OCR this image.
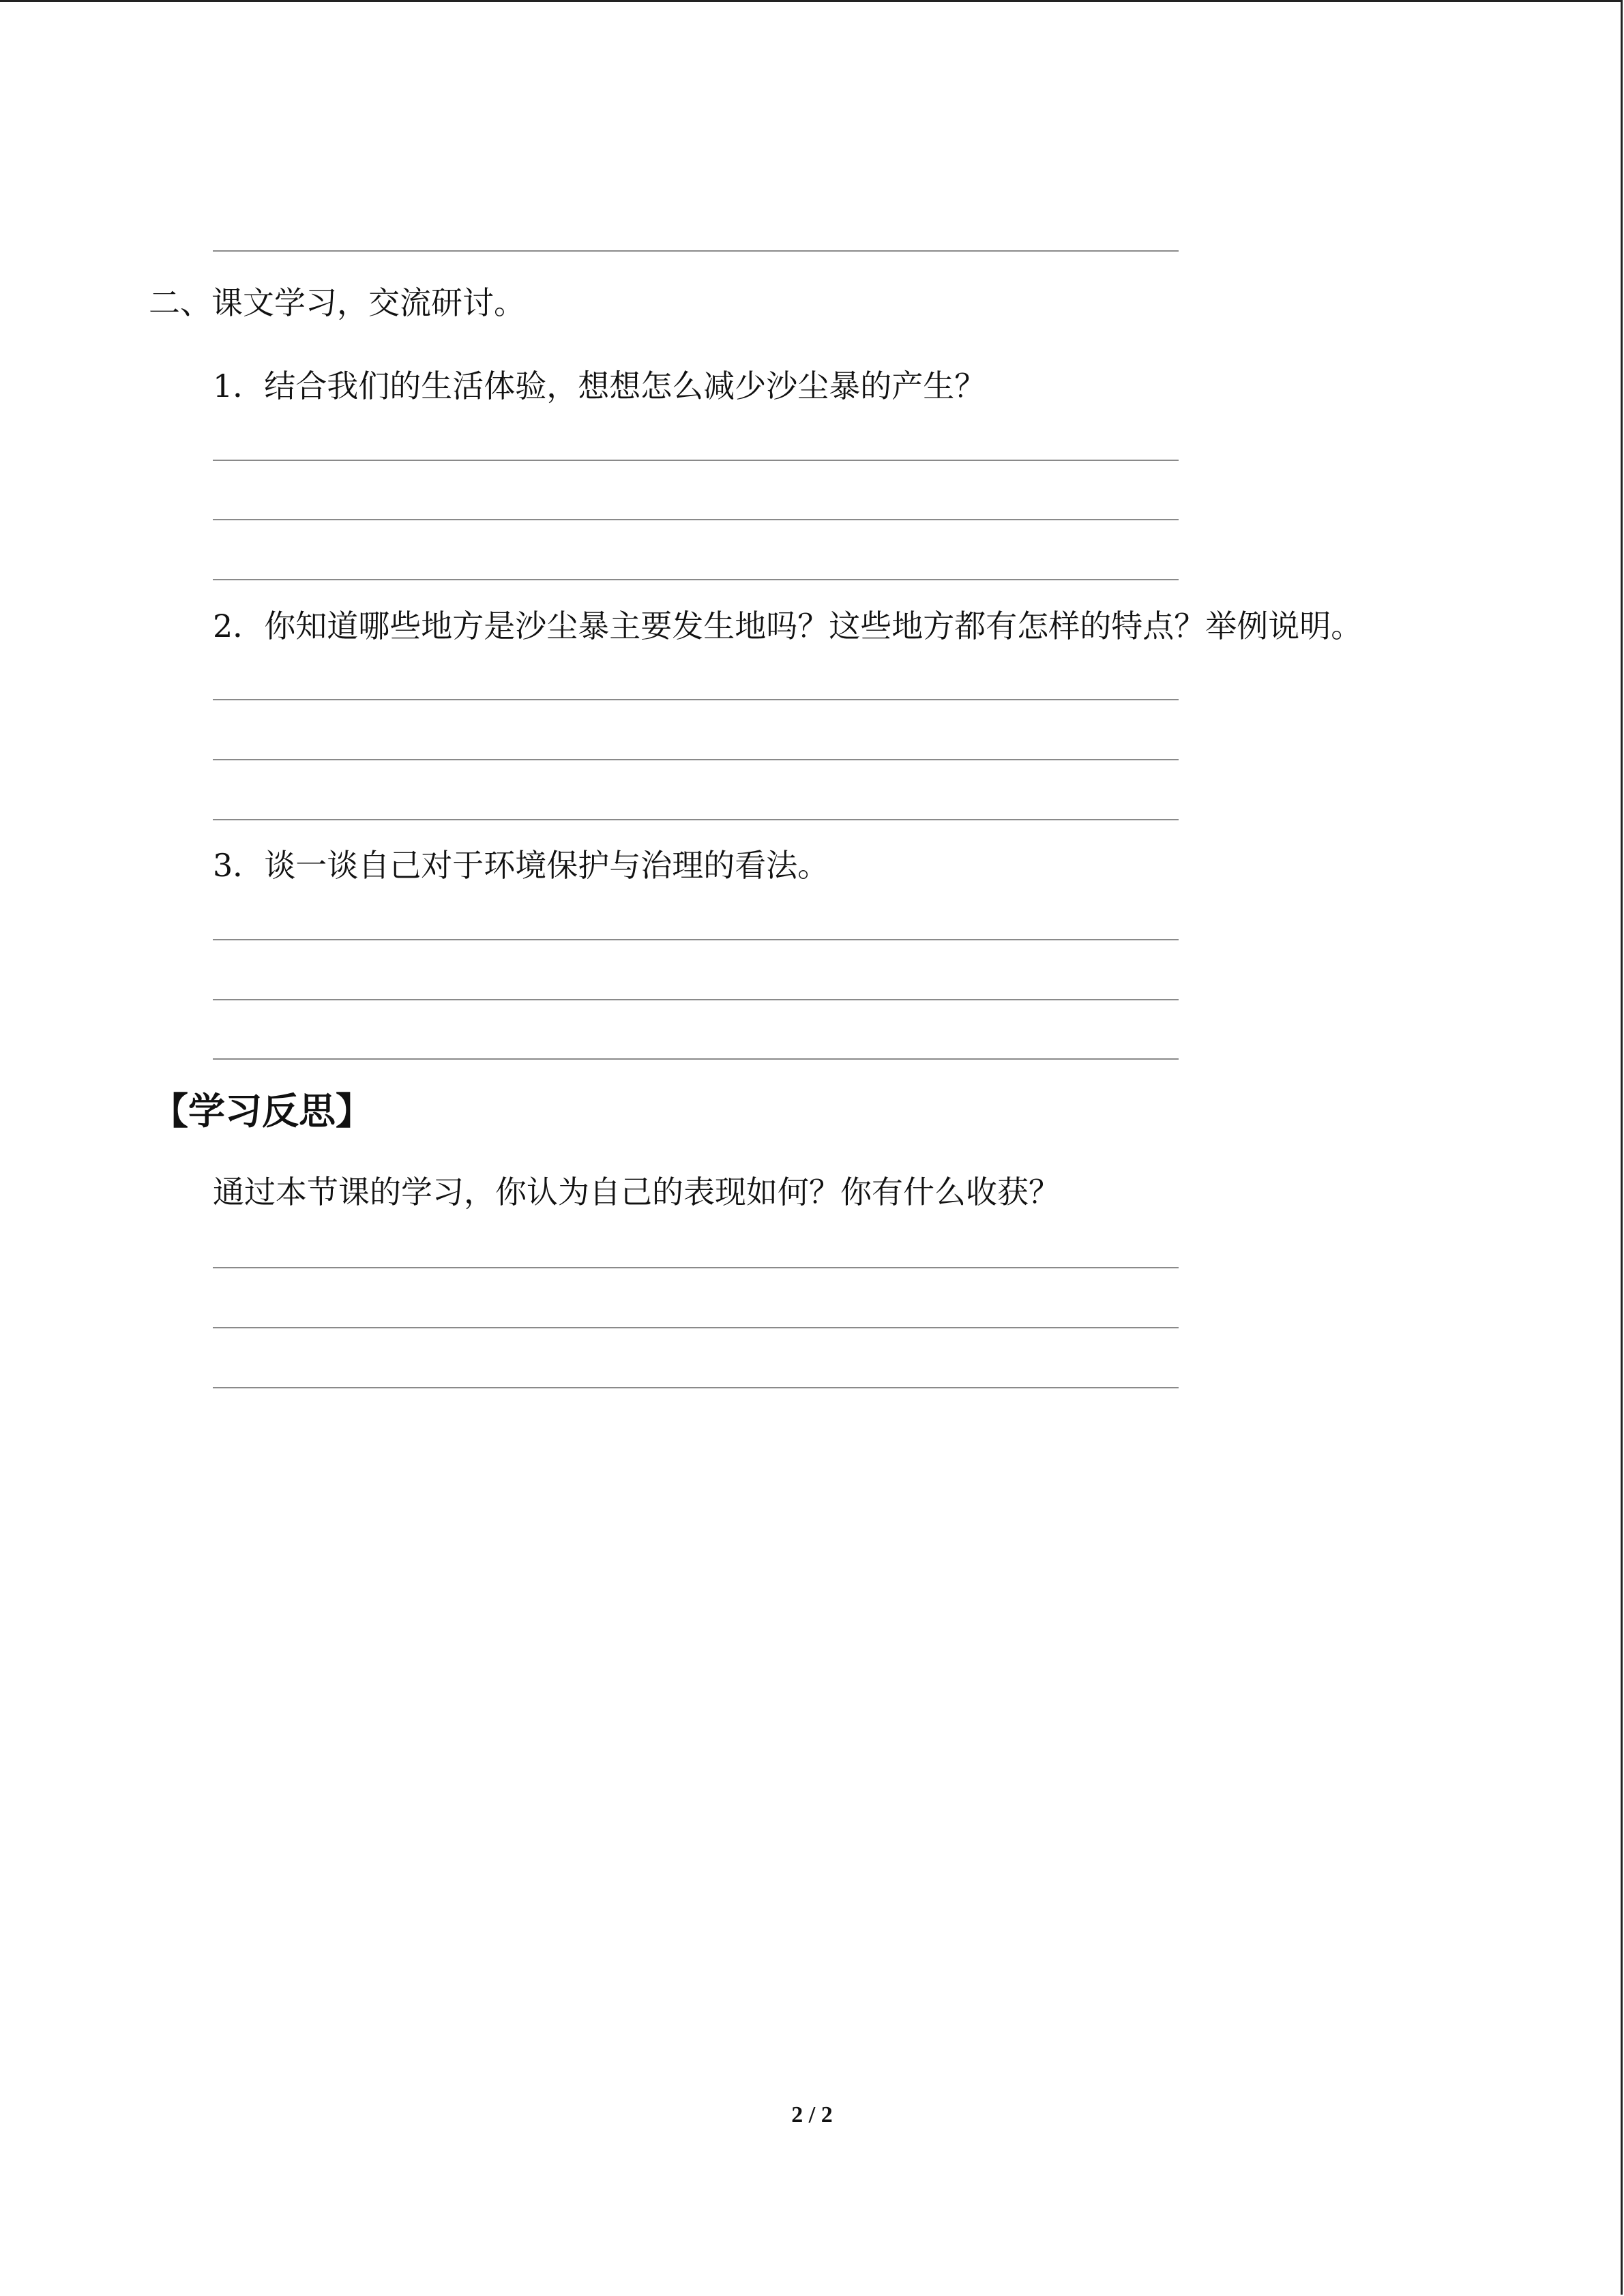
二、课文学习，交流研讨。
1．结合我们的生活体验，想想怎么减少沙尘暴的产生？
2．你知道哪些地方是沙尘暴主要发生地吗？这些地方都有怎样的特点？举例说明。
3．谈一谈自己对于环境保护与治理的看法。
【学习反思】
通过本节课的学习，你认为自己的表现如何？你有什么收获？
2 / 2
